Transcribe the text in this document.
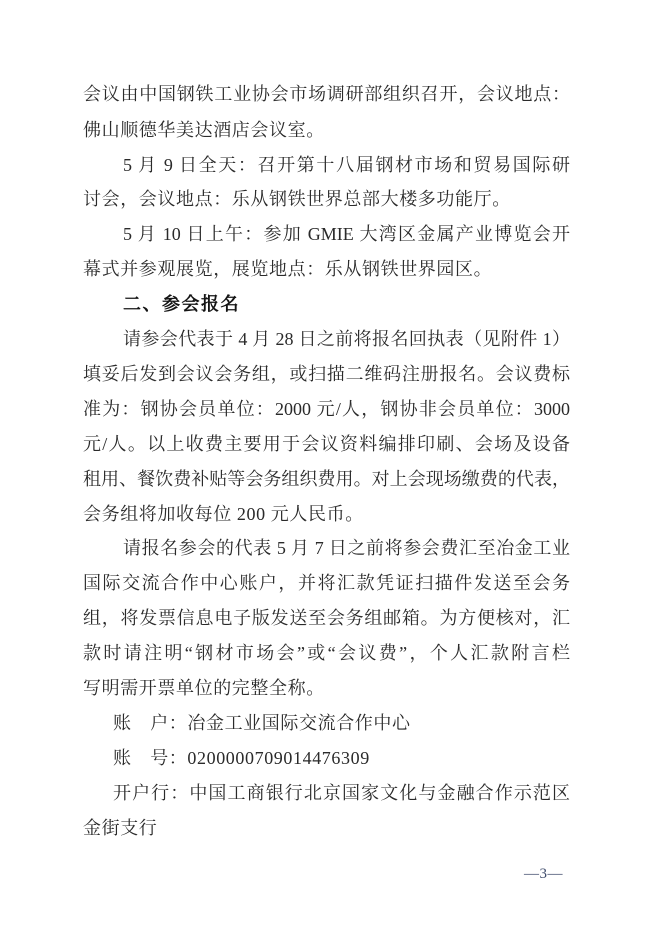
会议由中国钢铁工业协会市场调研部组织召开，会议地点：
佛山顺德华美达酒店会议室。
5 月 9 日全天：召开第十八届钢材市场和贸易国际研
讨会，会议地点：乐从钢铁世界总部大楼多功能厅。
5 月 10 日上午：参加 GMIE 大湾区金属产业博览会开
幕式并参观展览，展览地点：乐从钢铁世界园区。
二、参会报名
请参会代表于 4 月 28 日之前将报名回执表（见附件 1）
填妥后发到会议会务组，或扫描二维码注册报名。会议费标
准为：钢协会员单位：2000 元/人，钢协非会员单位：3000
元/人。以上收费主要用于会议资料编排印刷、会场及设备
租用、餐饮费补贴等会务组织费用。对上会现场缴费的代表，
会务组将加收每位 200 元人民币。
请报名参会的代表 5 月 7 日之前将参会费汇至冶金工业
国际交流合作中心账户，并将汇款凭证扫描件发送至会务
组，将发票信息电子版发送至会务组邮箱。为方便核对，汇
款时请注明“钢材市场会”或“会议费”，个人汇款附言栏
写明需开票单位的完整全称。
账　户：冶金工业国际交流合作中心
账　号：0200000709014476309
开户行：中国工商银行北京国家文化与金融合作示范区
金街支行
—3—
